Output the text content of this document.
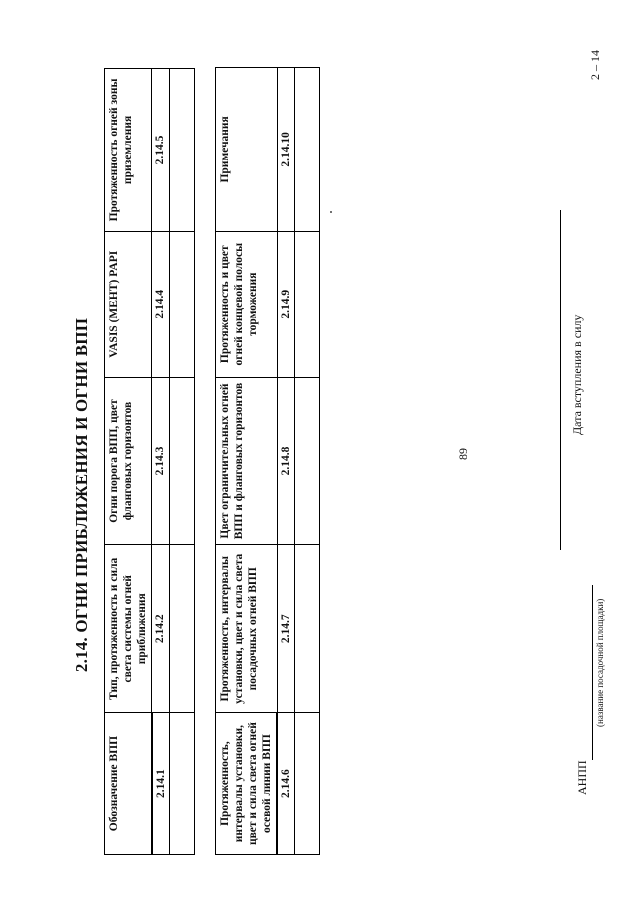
89
2 – 14
2.14. ОГНИ ПРИБЛИЖЕНИЯ И ОГНИ ВПП
Обозначение ВПП	Тип, протяженность и сила света системы огней приближения	Огни порога ВПП, цвет фланговых горизонтов	VASIS (МЕНТ) PAPI	Протяженность огней зоны приземления
2.14.1	2.14.2	2.14.3	2.14.4	2.14.5

Протяженность, интервалы установки, цвет и сила света огней осевой линии ВПП	Протяженность, интервалы установки, цвет и сила света посадочных огней ВПП	Цвет ограничительных огней ВПП и фланговых горизонтов	Протяженность и цвет огней концевой полосы торможения	Примечания
2.14.6	2.14.7	2.14.8	2.14.9	2.14.10

АНПП
(название посадочной площадки)
Дата вступления в силу
